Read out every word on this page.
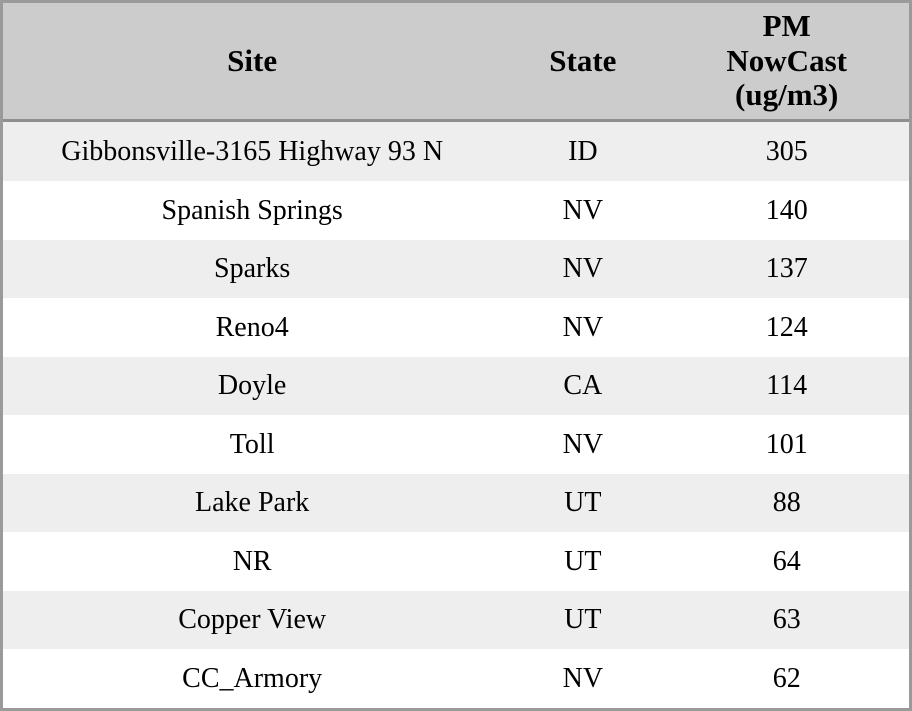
Site	State	PM
NowCast
(ug/m3)

Gibbonsville-3165 Highway 93 N	ID	305
Spanish Springs	NV	140
Sparks	NV	137
Reno4	NV	124
Doyle	CA	114
Toll	NV	101
Lake Park	UT	88
NR	UT	64
Copper View	UT	63
CC_Armory	NV	62
